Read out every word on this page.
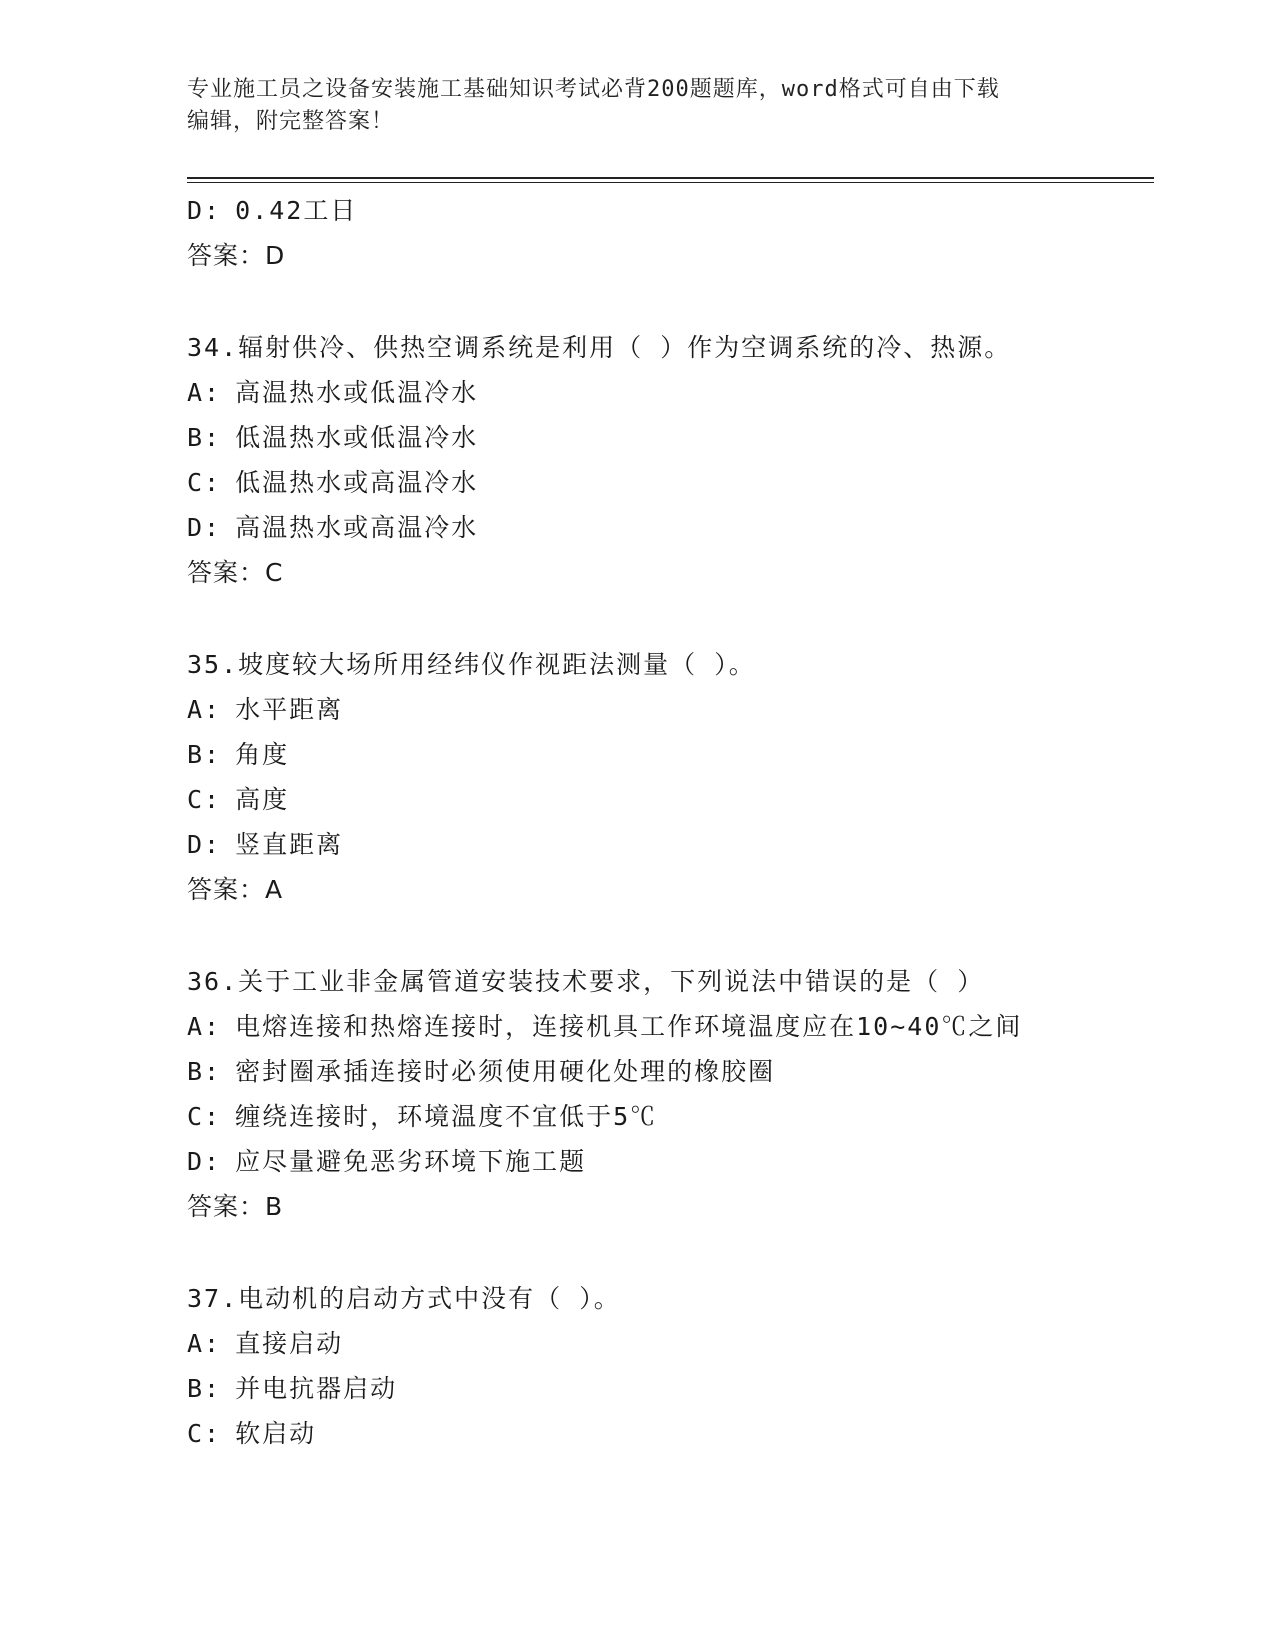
专业施工员之设备安装施工基础知识考试必背200题题库，word格式可自由下载
编辑，附完整答案！
D: 0.42工日
答案：D
34.辐射供冷、供热空调系统是利用（ ）作为空调系统的冷、热源。
A: 高温热水或低温冷水
B: 低温热水或低温冷水
C: 低温热水或高温冷水
D: 高温热水或高温冷水
答案：C
35.坡度较大场所用经纬仪作视距法测量（ ）。
A: 水平距离
B: 角度
C: 高度
D: 竖直距离
答案：A
36.关于工业非金属管道安装技术要求，下列说法中错误的是（ ）
A: 电熔连接和热熔连接时，连接机具工作环境温度应在10~40℃之间
B: 密封圈承插连接时必须使用硬化处理的橡胶圈
C: 缠绕连接时，环境温度不宜低于5℃
D: 应尽量避免恶劣环境下施工题
答案：B
37.电动机的启动方式中没有（ ）。
A: 直接启动
B: 并电抗器启动
C: 软启动
